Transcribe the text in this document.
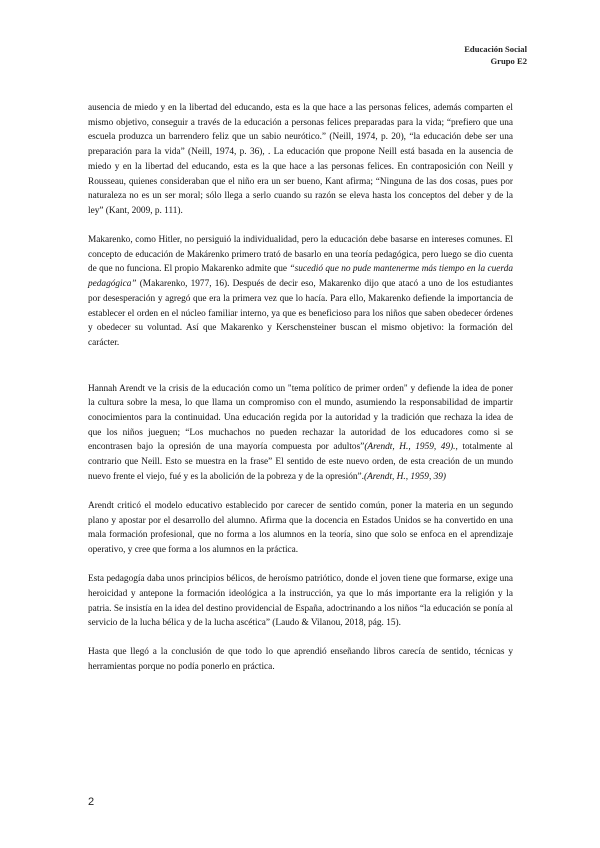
Educación Social
Grupo E2

ausencia de miedo y en la libertad del educando, esta es la que hace a las personas felices, además comparten el mismo objetivo, conseguir a través de la educación a personas felices preparadas para la vida; “prefiero que una escuela produzca un barrendero feliz que un sabio neurótico.” (Neill, 1974, p. 20), “la educación debe ser una preparación para la vida” (Neill, 1974, p. 36), . La educación que propone Neill está basada en la ausencia de miedo y en la libertad del educando, esta es la que hace a las personas felices. En contraposición con Neill y Rousseau, quienes consideraban que el niño era un ser bueno, Kant afirma; “Ninguna de las dos cosas, pues por naturaleza no es un ser moral; sólo llega a serlo cuando su razón se eleva hasta los conceptos del deber y de la ley” (Kant, 2009, p. 111).

Makarenko, como Hitler, no persiguió la individualidad, pero la educación debe basarse en intereses comunes. El concepto de educación de Makárenko primero trató de basarlo en una teoría pedagógica, pero luego se dio cuenta de que no funciona. El propio Makarenko admite que “sucedió que no pude mantenerme más tiempo en la cuerda pedagógica” (Makarenko, 1977, 16). Después de decir eso, Makarenko dijo que atacó a uno de los estudiantes por desesperación y agregó que era la primera vez que lo hacía. Para ello, Makarenko defiende la importancia de establecer el orden en el núcleo familiar interno, ya que es beneficioso para los niños que saben obedecer órdenes y obedecer su voluntad. Así que Makarenko y Kerschensteiner buscan el mismo objetivo: la formación del carácter.

Hannah Arendt ve la crisis de la educación como un "tema político de primer orden" y defiende la idea de poner la cultura sobre la mesa, lo que llama un compromiso con el mundo, asumiendo la responsabilidad de impartir conocimientos para la continuidad. Una educación regida por la autoridad y la tradición que rechaza la idea de que los niños jueguen; “Los muchachos no pueden rechazar la autoridad de los educadores como si se encontrasen bajo la opresión de una mayoría compuesta por adultos”(Arendt, H., 1959, 49)., totalmente al contrario que Neill. Esto se muestra en la frase” El sentido de este nuevo orden, de esta creación de un mundo nuevo frente el viejo, fué y es la abolición de la pobreza y de la opresión”.(Arendt, H., 1959, 39)

Arendt criticó el modelo educativo establecido por carecer de sentido común, poner la materia en un segundo plano y apostar por el desarrollo del alumno. Afirma que la docencia en Estados Unidos se ha convertido en una mala formación profesional, que no forma a los alumnos en la teoría, sino que solo se enfoca en el aprendizaje operativo, y cree que forma a los alumnos en la práctica.

Esta pedagogía daba unos principios bélicos, de heroísmo patriótico, donde el joven tiene que formarse, exige una heroicidad y antepone la formación ideológica a la instrucción, ya que lo más importante era la religión y la patria. Se insistía en la idea del destino providencial de España, adoctrinando a los niños “la educación se ponía al servicio de la lucha bélica y de la lucha ascética” (Laudo & Vilanou, 2018, pág. 15).

Hasta que llegó a la conclusión de que todo lo que aprendió enseñando libros carecía de sentido, técnicas y herramientas porque no podía ponerlo en práctica.

2
